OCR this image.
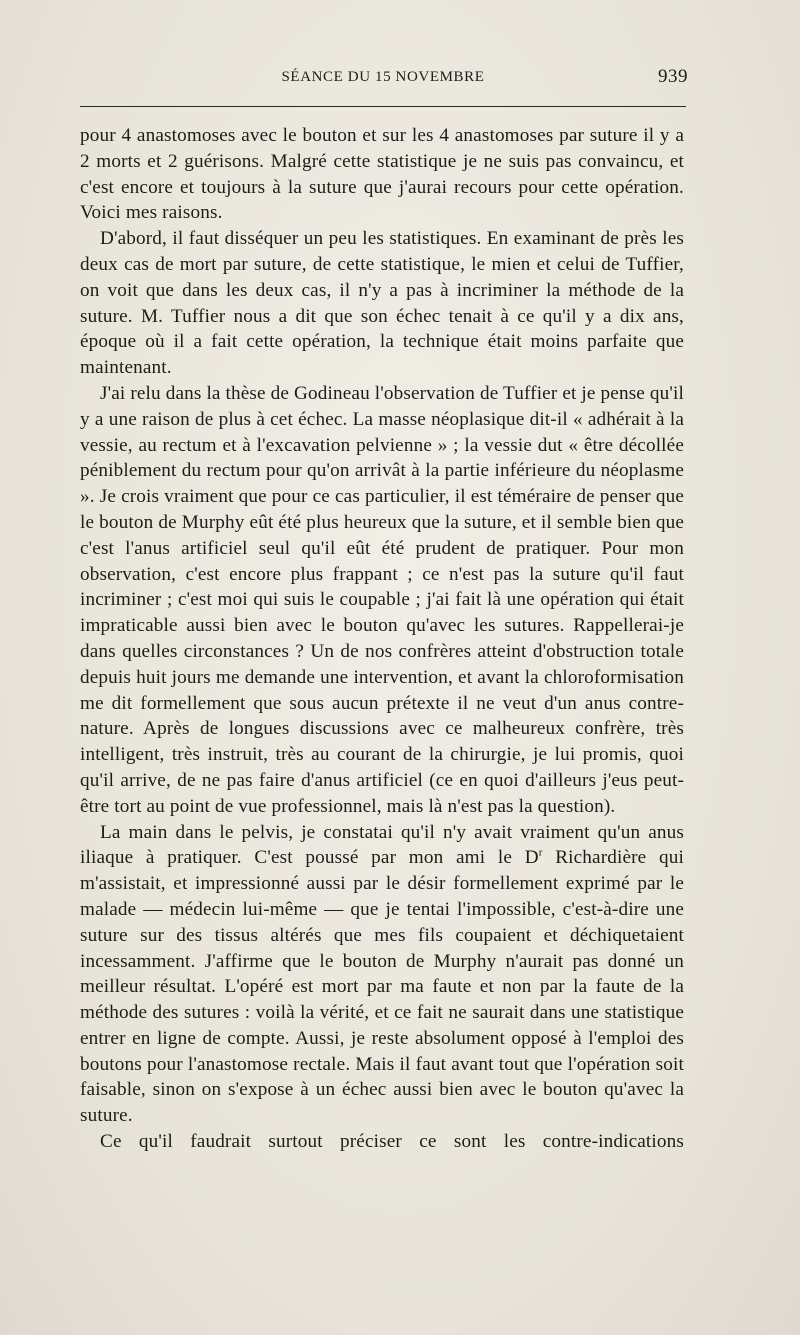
SÉANCE DU 15 NOVEMBRE	939

pour 4 anastomoses avec le bouton et sur les 4 anastomoses par suture il y a 2 morts et 2 guérisons. Malgré cette statistique je ne suis pas convaincu, et c'est encore et toujours à la suture que j'aurai recours pour cette opération. Voici mes raisons.

D'abord, il faut disséquer un peu les statistiques. En examinant de près les deux cas de mort par suture, de cette statistique, le mien et celui de Tuffier, on voit que dans les deux cas, il n'y a pas à incriminer la méthode de la suture. M. Tuffier nous a dit que son échec tenait à ce qu'il y a dix ans, époque où il a fait cette opération, la technique était moins parfaite que maintenant.

J'ai relu dans la thèse de Godineau l'observation de Tuffier et je pense qu'il y a une raison de plus à cet échec. La masse néoplasique dit-il « adhérait à la vessie, au rectum et à l'excavation pelvienne » ; la vessie dut « être décollée péniblement du rectum pour qu'on arrivât à la partie inférieure du néoplasme ». Je crois vraiment que pour ce cas particulier, il est téméraire de penser que le bouton de Murphy eût été plus heureux que la suture, et il semble bien que c'est l'anus artificiel seul qu'il eût été prudent de pratiquer. Pour mon observation, c'est encore plus frappant ; ce n'est pas la suture qu'il faut incriminer ; c'est moi qui suis le coupable ; j'ai fait là une opération qui était impraticable aussi bien avec le bouton qu'avec les sutures. Rappellerai-je dans quelles circonstances ? Un de nos confrères atteint d'obstruction totale depuis huit jours me demande une intervention, et avant la chloroformisation me dit formellement que sous aucun prétexte il ne veut d'un anus contre-nature. Après de longues discussions avec ce malheureux confrère, très intelligent, très instruit, très au courant de la chirurgie, je lui promis, quoi qu'il arrive, de ne pas faire d'anus artificiel (ce en quoi d'ailleurs j'eus peut-être tort au point de vue professionnel, mais là n'est pas la question).

La main dans le pelvis, je constatai qu'il n'y avait vraiment qu'un anus iliaque à pratiquer. C'est poussé par mon ami le $D^r$ Richardière qui m'assistait, et impressionné aussi par le désir formellement exprimé par le malade — médecin lui-même — que je tentai l'impossible, c'est-à-dire une suture sur des tissus altérés que mes fils coupaient et déchiquetaient incessamment. J'affirme que le bouton de Murphy n'aurait pas donné un meilleur résultat. L'opéré est mort par ma faute et non par la faute de la méthode des sutures : voilà la vérité, et ce fait ne saurait dans une statistique entrer en ligne de compte. Aussi, je reste absolument opposé à l'emploi des boutons pour l'anastomose rectale. Mais il faut avant tout que l'opération soit faisable, sinon on s'expose à un échec aussi bien avec le bouton qu'avec la suture.

Ce qu'il faudrait surtout préciser ce sont les contre-indications
